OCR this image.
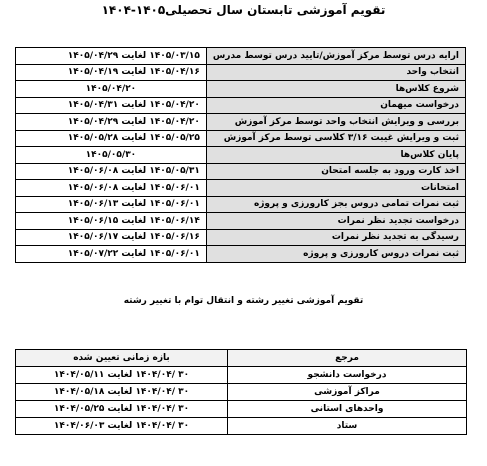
تقویم آموزشی تابستان سال تحصیلی۱۴۰۵-۱۴۰۴
ارایه درس توسط مرکز آموزش/تایید درس توسط مدرس	۱۴۰۵/۰۳/۱۵ لغایت ۱۴۰۵/۰۴/۲۹
انتخاب واحد	۱۴۰۵/۰۴/۱۶ لغایت ۱۴۰۵/۰۴/۱۹
شروع کلاس‌ها	۱۴۰۵/۰۴/۲۰
درخواست میهمان	۱۴۰۵/۰۴/۲۰ لغایت ۱۴۰۵/۰۴/۳۱
بررسی و ویرایش انتخاب واحد توسط مرکز آموزش	۱۴۰۵/۰۴/۲۰ لغایت ۱۴۰۵/۰۴/۲۹
ثبت و ویرایش غیبت ۳/۱۶ کلاسی توسط مرکز آموزش	۱۴۰۵/۰۵/۲۵ لغایت ۱۴۰۵/۰۵/۲۸
پایان کلاس‌ها	۱۴۰۵/۰۵/۳۰
اخذ کارت ورود به جلسه امتحان	۱۴۰۵/۰۵/۳۱ لغایت ۱۴۰۵/۰۶/۰۸
امتحانات	۱۴۰۵/۰۶/۰۱ لغایت ۱۴۰۵/۰۶/۰۸
ثبت نمرات تمامی دروس بجز کارورزی و پروژه	۱۴۰۵/۰۶/۰۱ لغایت ۱۴۰۵/۰۶/۱۳
درخواست تجدید نظر نمرات	۱۴۰۵/۰۶/۱۴ لغایت ۱۴۰۵/۰۶/۱۵
رسیدگی به تجدید نظر نمرات	۱۴۰۵/۰۶/۱۶ لغایت ۱۴۰۵/۰۶/۱۷
ثبت نمرات دروس کارورزی و پروژه	۱۴۰۵/۰۶/۰۱ لغایت ۱۴۰۵/۰۷/۲۲
تقویم آموزشی تغییر رشته و انتقال توام با تغییر رشته
مرجع	بازه زمانی تعیین شده
درخواست دانشجو	۳۰ /۱۴۰۴/۰۴ لغایت ۱۴۰۴/۰۵/۱۱
مراکز آموزشی	۳۰ /۱۴۰۴/۰۴ لغایت ۱۴۰۴/۰۵/۱۸
واحدهای استانی	۳۰ /۱۴۰۴/۰۴ لغایت ۱۴۰۴/۰۵/۲۵
ستاد	۳۰ /۱۴۰۴/۰۴ لغایت ۱۴۰۴/۰۶/۰۳
